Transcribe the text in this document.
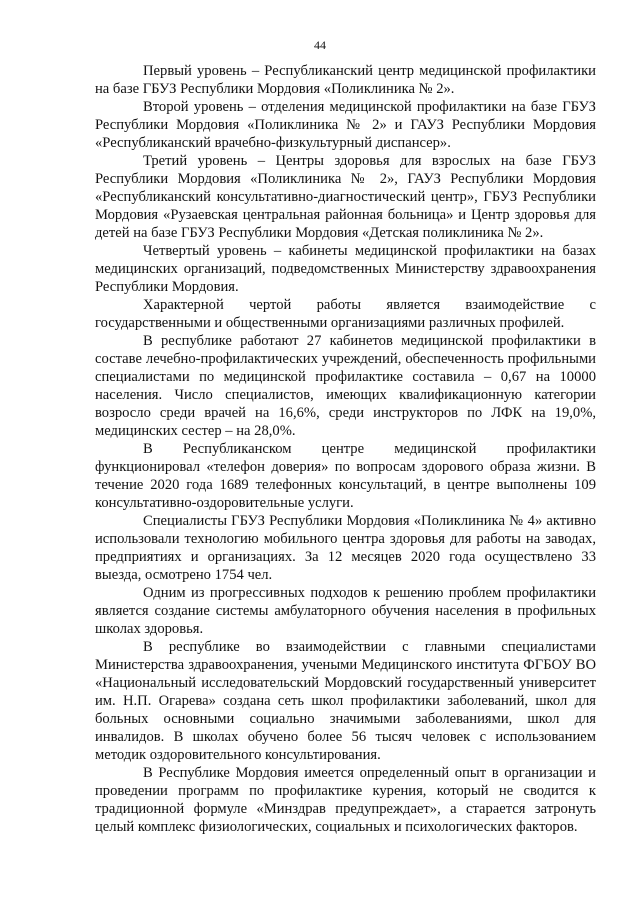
44

Первый уровень – Республиканский центр медицинской профилактики на базе ГБУЗ Республики Мордовия «Поликлиника № 2».

Второй уровень – отделения медицинской профилактики на базе ГБУЗ Республики Мордовия «Поликлиника № 2» и ГАУЗ Республики Мордовия «Республиканский врачебно-физкультурный диспансер».

Третий уровень – Центры здоровья для взрослых на базе ГБУЗ Республики Мордовия «Поликлиника № 2», ГАУЗ Республики Мордовия «Республиканский консультативно-диагностический центр», ГБУЗ Республики Мордовия «Рузаевская центральная районная больница» и Центр здоровья для детей на базе ГБУЗ Республики Мордовия «Детская поликлиника № 2».

Четвертый уровень – кабинеты медицинской профилактики на базах медицинских организаций, подведомственных Министерству здравоохранения Республики Мордовия.

Характерной чертой работы является взаимодействие с государственными и общественными организациями различных профилей.

В республике работают 27 кабинетов медицинской профилактики в составе лечебно-профилактических учреждений, обеспеченность профильными специалистами по медицинской профилактике составила – 0,67 на 10000 населения. Число специалистов, имеющих квалификационную категории возросло среди врачей на 16,6%, среди инструкторов по ЛФК на 19,0%, медицинских сестер – на 28,0%.

В Республиканском центре медицинской профилактики функционировал «телефон доверия» по вопросам здорового образа жизни. В течение 2020 года 1689 телефонных консультаций, в центре выполнены 109 консультативно-оздоровительные услуги.

Специалисты ГБУЗ Республики Мордовия «Поликлиника № 4» активно использовали технологию мобильного центра здоровья для работы на заводах, предприятиях и организациях. За 12 месяцев 2020 года осуществлено 33 выезда, осмотрено 1754 чел.

Одним из прогрессивных подходов к решению проблем профилактики является создание системы амбулаторного обучения населения в профильных школах здоровья.

В республике во взаимодействии с главными специалистами Министерства здравоохранения, учеными Медицинского института ФГБОУ ВО «Национальный исследовательский Мордовский государственный университет им. Н.П. Огарева» создана сеть школ профилактики заболеваний, школ для больных основными социально значимыми заболеваниями, школ для инвалидов. В школах обучено более 56 тысяч человек с использованием методик оздоровительного консультирования.

В Республике Мордовия имеется определенный опыт в организации и проведении программ по профилактике курения, который не сводится к традиционной формуле «Минздрав предупреждает», а старается затронуть целый комплекс физиологических, социальных и психологических факторов.
